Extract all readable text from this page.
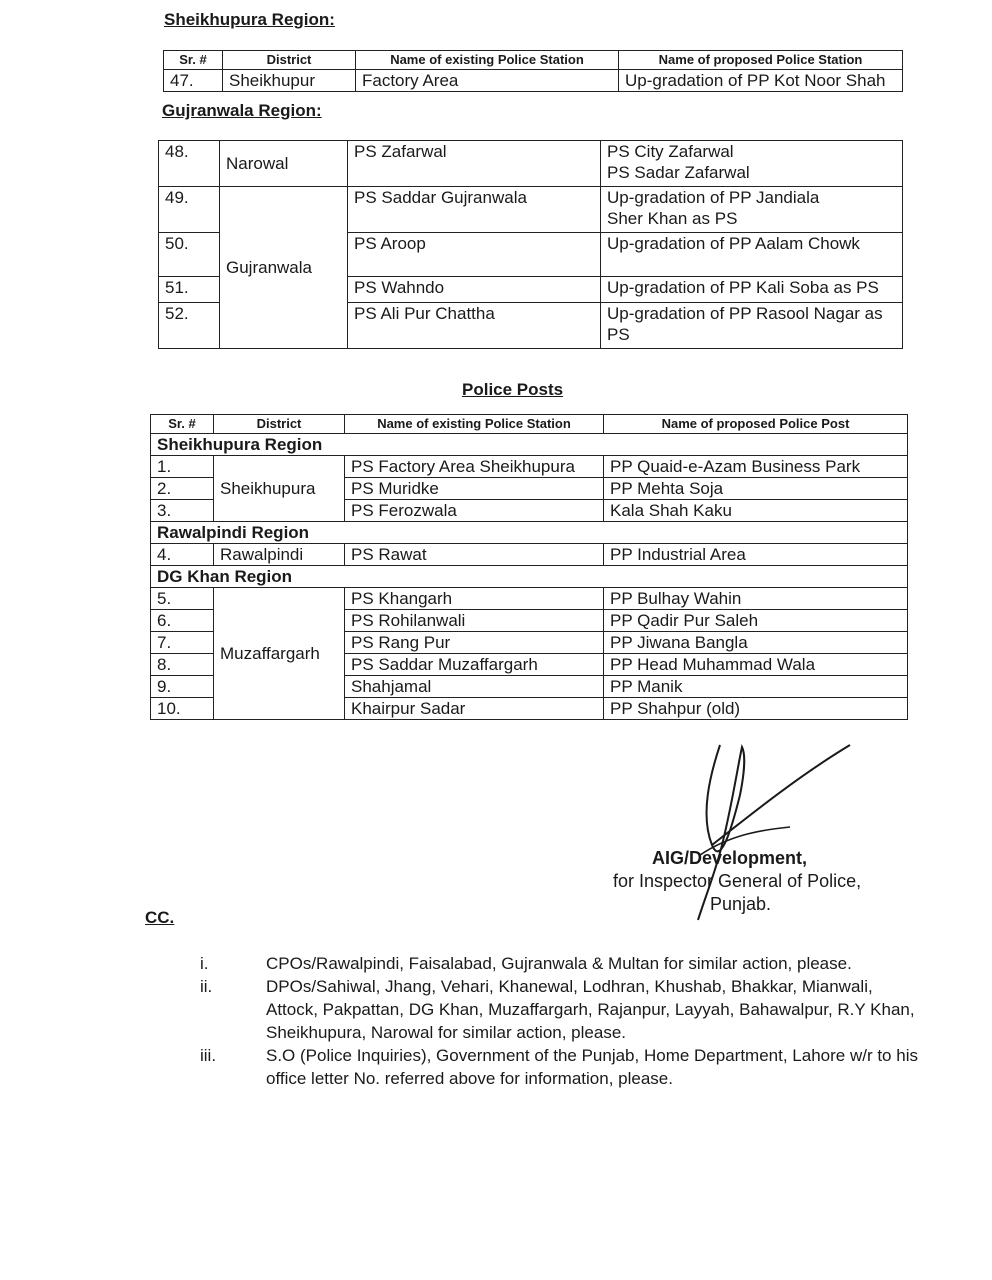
Sheikhupura Region:
Sr. #	District	Name of existing Police Station	Name of proposed Police Station
47.	Sheikhupur	Factory Area	Up-gradation of PP Kot Noor Shah
Gujranwala Region:
48.	Narowal	PS Zafarwal	PS City Zafarwal
PS Sadar Zafarwal

49.	Gujranwala	PS Saddar Gujranwala	Up-gradation of PP Jandiala
Sher Khan as PS

50.		PS Aroop	Up-gradation of PP Aalam Chowk
51.		PS Wahndo	Up-gradation of PP Kali Soba as PS
52.		PS Ali Pur Chattha	Up-gradation of PP Rasool Nagar as PS
Police Posts
Sr. #	District	Name of existing Police Station	Name of proposed Police Post
Sheikhupura Region			
1.	Sheikhupura	PS Factory Area Sheikhupura	PP Quaid-e-Azam Business Park
2.		PS Muridke	PP Mehta Soja
3.		PS Ferozwala	Kala Shah Kaku
Rawalpindi Region			
4.	Rawalpindi	PS Rawat	PP Industrial Area
DG Khan Region			
5.	Muzaffargarh	PS Khangarh	PP Bulhay Wahin
6.		PS Rohilanwali	PP Qadir Pur Saleh
7.		PS Rang Pur	PP Jiwana Bangla
8.		PS Saddar Muzaffargarh	PP Head Muhammad Wala
9.		Shahjamal	PP Manik
10.		Khairpur Sadar	PP Shahpur (old)
AIG/Development,
for Inspector General of Police,
Punjab.
CC.
i.	CPOs/Rawalpindi, Faisalabad, Gujranwala & Multan for similar action, please.
ii.	DPOs/Sahiwal, Jhang, Vehari, Khanewal, Lodhran, Khushab, Bhakkar, Mianwali, Attock, Pakpattan, DG Khan, Muzaffargarh, Rajanpur, Layyah, Bahawalpur, R.Y Khan, Sheikhupura, Narowal for similar action, please.
iii.	S.O (Police Inquiries), Government of the Punjab, Home Department, Lahore w/r to his office letter No. referred above for information, please.
